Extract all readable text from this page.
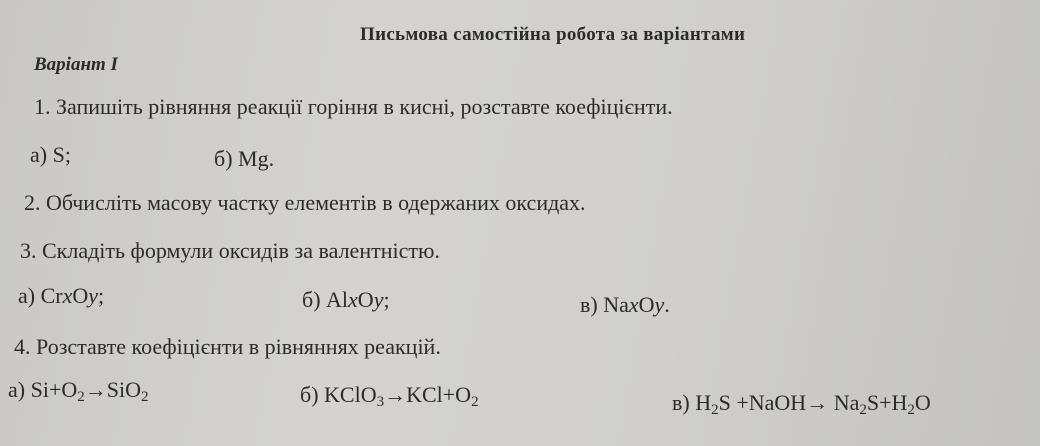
Письмова самостійна робота за варіантами
Варіант І
1. Запишіть рівняння реакції горіння в кисні, розставте коефіцієнти.
а) S;	б) Mg.
2. Обчисліть масову частку елементів в одержаних оксидах.
3. Складіть формули оксидів за валентністю.
а) CrxOy;	б) AlxOy;	в) NaxOy.
4. Розставте коефіцієнти в рівняннях реакцій.
а) $Si+O_2\to SiO_2$	б) $KClO_3\to KCl+O_2$	в) $H_2S$ +NaOH→ $Na_2S+H_2O$
